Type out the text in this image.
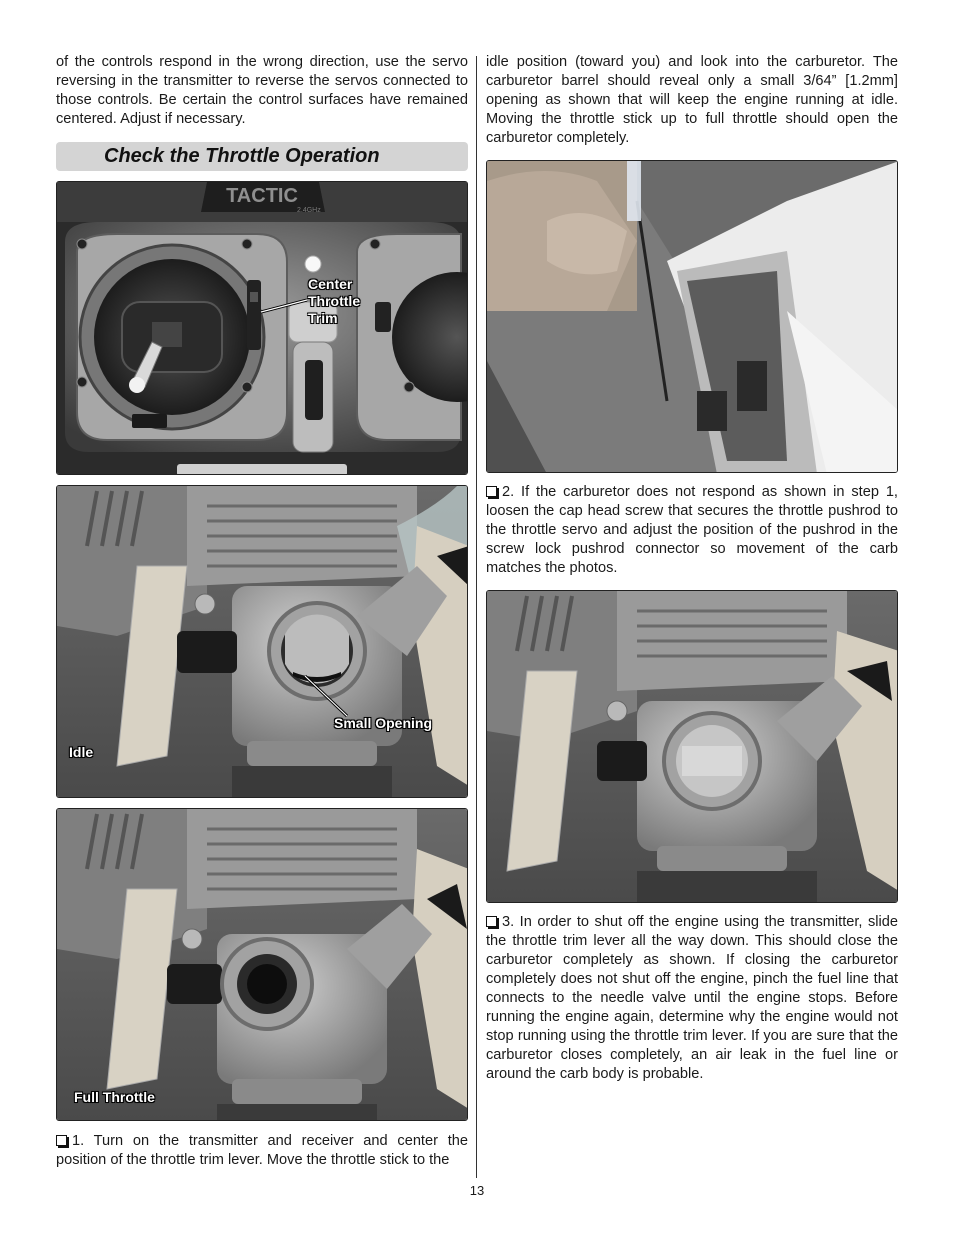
of the controls respond in the wrong direction, use the servo reversing in the transmitter to reverse the servos connected to those controls. Be certain the control surfaces have remained centered. Adjust if necessary.

Check the Throttle Operation
TACTIC
2.4GHz
Center
Throttle
Trim
Small Opening
Idle
Full Throttle

1. Turn on the transmitter and receiver and center the position of the throttle trim lever. Move the throttle stick to the

idle position (toward you) and look into the carburetor. The carburetor barrel should reveal only a small 3/64” [1.2mm] opening as shown that will keep the engine running at idle. Moving the throttle stick up to full throttle should open the carburetor completely.

2. If the carburetor does not respond as shown in step 1, loosen the cap head screw that secures the throttle pushrod to the throttle servo and adjust the position of the pushrod in the screw lock pushrod connector so movement of the carb matches the photos.

3. In order to shut off the engine using the transmitter, slide the throttle trim lever all the way down. This should close the carburetor completely as shown. If closing the carburetor completely does not shut off the engine, pinch the fuel line that connects to the needle valve until the engine stops. Before running the engine again, determine why the engine would not stop running using the throttle trim lever. If you are sure that the carburetor closes completely, an air leak in the fuel line or around the carb body is probable.

13
